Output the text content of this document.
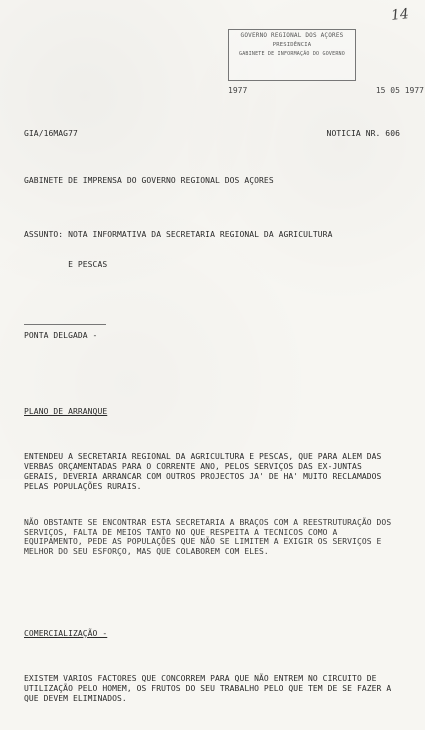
14
GOVERNO REGIONAL DOS AÇORES
PRESIDÊNCIA
GABINETE DE INFORMAÇÃO DO GOVERNO
1977	15 05 1977

GIA/16MAG77	NOTICIA NR. 606

GABINETE DE IMPRENSA DO GOVERNO REGIONAL DOS AÇORES

ASSUNTO: NOTA INFORMATIVA DA SECRETARIA REGIONAL DA AGRICULTURA

E PESCAS

PONTA DELGADA -

PLANO DE ARRANQUE

ENTENDEU A SECRETARIA REGIONAL DA AGRICULTURA E PESCAS, QUE PARA ALEM DAS VERBAS ORÇAMENTADAS PARA O CORRENTE ANO, PELOS SERVIÇOS DAS EX-JUNTAS GERAIS, DEVERIA ARRANCAR COM OUTROS PROJECTOS JA' DE HA' MUITO RECLAMADOS PELAS POPULAÇÕES RURAIS.

NÃO OBSTANTE SE ENCONTRAR ESTA SECRETARIA A BRAÇOS COM A REESTRUTURAÇÃO DOS SERVIÇOS, FALTA DE MEIOS TANTO NO QUE RESPEITA A TECNICOS COMO A EQUIPAMENTO, PEDE AS POPULAÇÕES QUE NÃO SE LIMITEM A EXIGIR OS SERVIÇOS E MELHOR DO SEU ESFORÇO, MAS QUE COLABOREM COM ELES.

COMERCIALIZAÇÃO -

EXISTEM VARIOS FACTORES QUE CONCORREM PARA QUE NÃO ENTREM NO CIRCUITO DE UTILIZAÇÃO PELO HOMEM, OS FRUTOS DO SEU TRABALHO PELO QUE TEM DE SE FAZER A QUE DEVEM ELIMINADOS.
